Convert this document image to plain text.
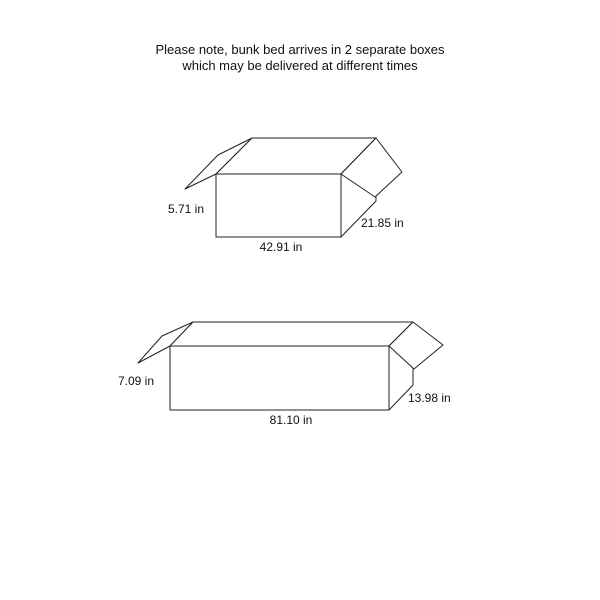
Please note, bunk bed arrives in 2 separate boxes
which may be delivered at different times
5.71 in
42.91 in
21.85 in
7.09 in
81.10 in
13.98 in
